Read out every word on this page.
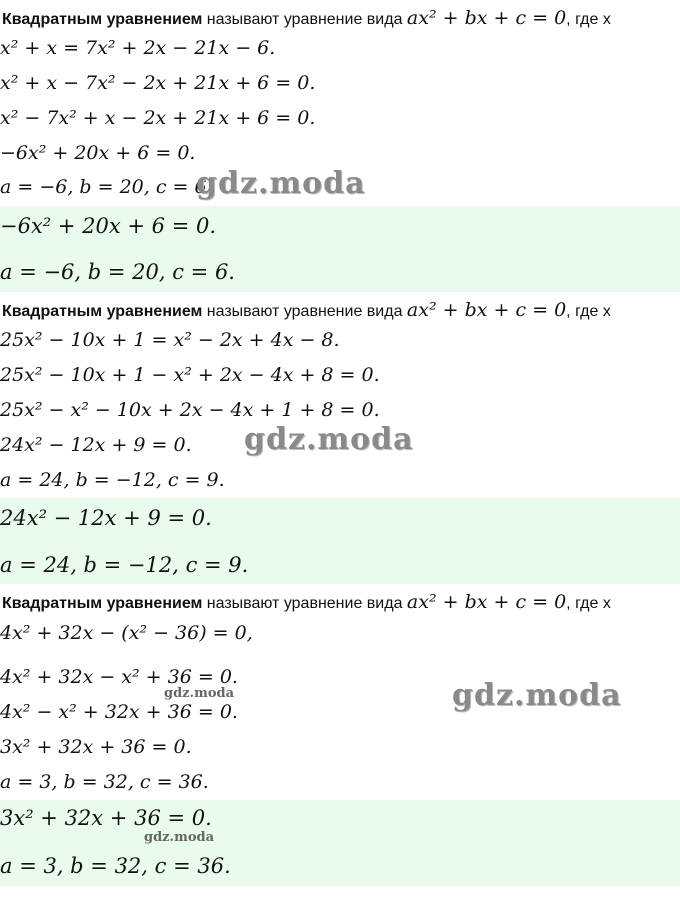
Квадратным уравнением называют уравнение вида ax² + bx + c = 0, где x
x² + x = 7x² + 2x − 21x − 6.
x² + x − 7x² − 2x + 21x + 6 = 0.
x² − 7x² + x − 2x + 21x + 6 = 0.
−6x² + 20x + 6 = 0.
a = −6, b = 20, c = 6.
gdz.moda
−6x² + 20x + 6 = 0.
a = −6, b = 20, c = 6.
Квадратным уравнением называют уравнение вида ax² + bx + c = 0, где x
25x² − 10x + 1 = x² − 2x + 4x − 8.
25x² − 10x + 1 − x² + 2x − 4x + 8 = 0.
25x² − x² − 10x + 2x − 4x + 1 + 8 = 0.
24x² − 12x + 9 = 0.
a = 24, b = −12, c = 9.
gdz.moda
24x² − 12x + 9 = 0.
a = 24, b = −12, c = 9.
Квадратным уравнением называют уравнение вида ax² + bx + c = 0, где x
4x² + 32x − (x² − 36) = 0,
4x² + 32x − x² + 36 = 0.
gdz.moda
4x² − x² + 32x + 36 = 0.
3x² + 32x + 36 = 0.
a = 3, b = 32, c = 36.
gdz.moda
3x² + 32x + 36 = 0.
gdz.moda
a = 3, b = 32, c = 36.
